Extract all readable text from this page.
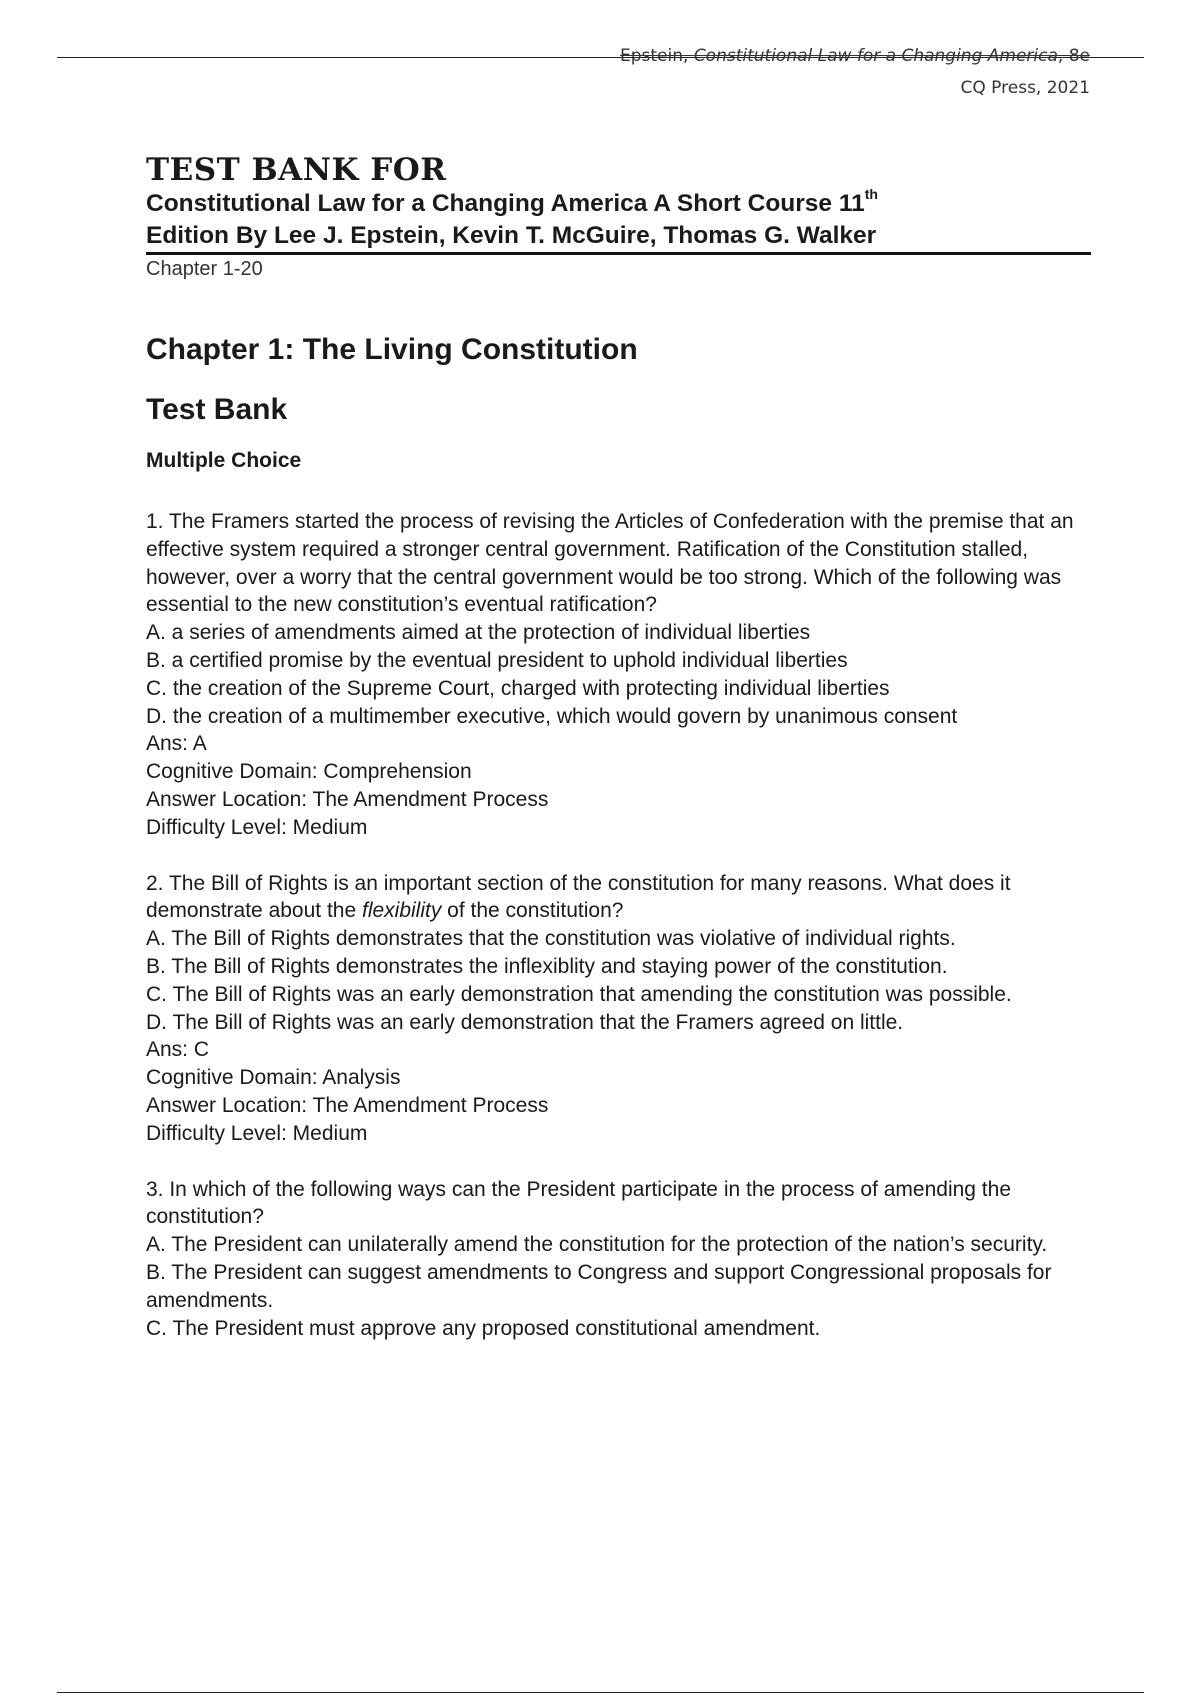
Epstein, Constitutional Law for a Changing America, 8e
CQ Press, 2021
TEST BANK FOR
Constitutional Law for a Changing America A Short Course 11th
Edition By Lee J. Epstein, Kevin T. McGuire, Thomas G. Walker
Chapter 1-20
Chapter 1: The Living Constitution
Test Bank
Multiple Choice

1. The Framers started the process of revising the Articles of Confederation with the premise that an effective system required a stronger central government. Ratification of the Constitution stalled, however, over a worry that the central government would be too strong. Which of the following was essential to the new constitution’s eventual ratification?

A. a series of amendments aimed at the protection of individual liberties

B. a certified promise by the eventual president to uphold individual liberties

C. the creation of the Supreme Court, charged with protecting individual liberties

D. the creation of a multimember executive, which would govern by unanimous consent

Ans: A

Cognitive Domain: Comprehension

Answer Location: The Amendment Process

Difficulty Level: Medium

2. The Bill of Rights is an important section of the constitution for many reasons. What does it demonstrate about the flexibility of the constitution?

A. The Bill of Rights demonstrates that the constitution was violative of individual rights.

B. The Bill of Rights demonstrates the inflexiblity and staying power of the constitution.

C. The Bill of Rights was an early demonstration that amending the constitution was possible.

D. The Bill of Rights was an early demonstration that the Framers agreed on little.

Ans: C

Cognitive Domain: Analysis

Answer Location: The Amendment Process

Difficulty Level: Medium

3. In which of the following ways can the President participate in the process of amending the constitution?

A. The President can unilaterally amend the constitution for the protection of the nation’s security.

B. The President can suggest amendments to Congress and support Congressional proposals for amendments.

C. The President must approve any proposed constitutional amendment.
